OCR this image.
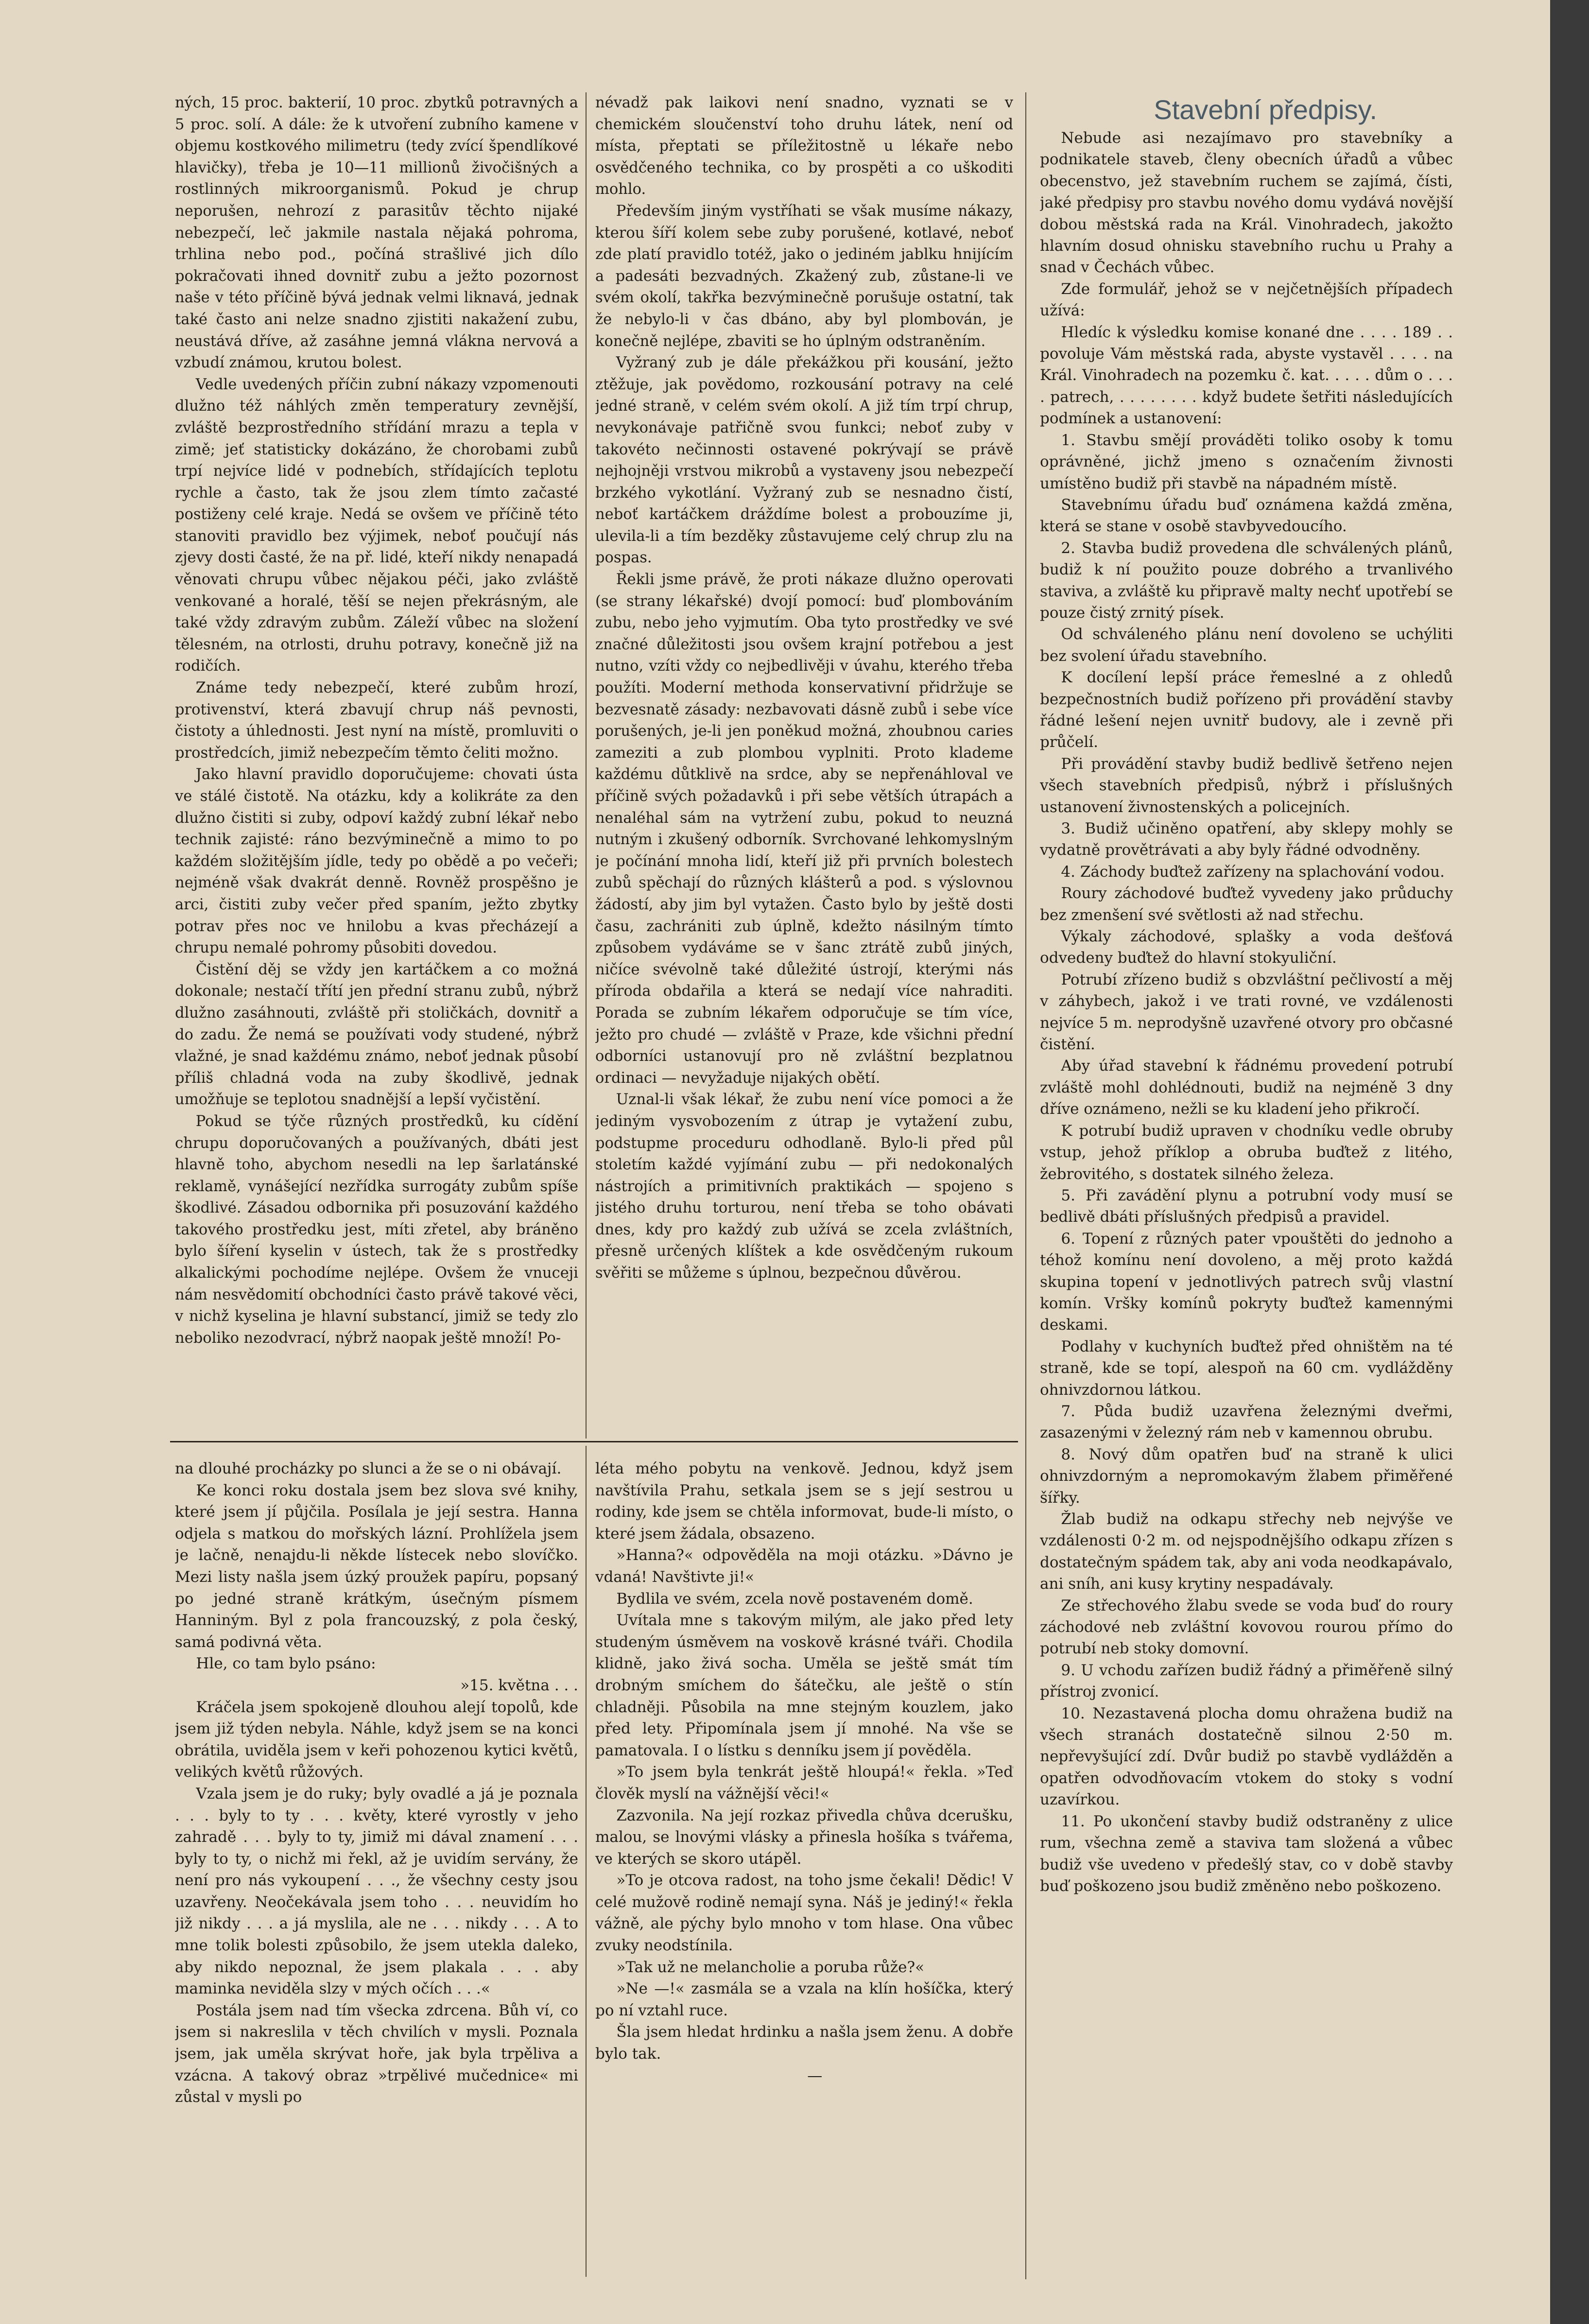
ných, 15 proc. bakterií, 10 proc. zbytků potravných a 5 proc. solí. A dále: že k utvoření zubního kamene v objemu kostkového milimetru (tedy zvící špendlíkové hlavičky), třeba je 10—11 millionů živočišných a rostlinných mikroorganismů. Pokud je chrup neporušen, nehrozí z parasitův těchto nijaké nebezpečí, leč jakmile nastala nějaká pohroma, trhlina nebo pod., počíná strašlivé jich dílo pokračovati ihned dovnitř zubu a ježto pozornost naše v této příčině bývá jednak velmi liknavá, jednak také často ani nelze snadno zjistiti nakažení zubu, neustává dříve, až zasáhne jemná vlákna nervová a vzbudí známou, krutou bolest.

Vedle uvedených příčin zubní nákazy vzpomenouti dlužno též náhlých změn temperatury zevnější, zvláště bezprostředního střídání mrazu a tepla v zimě; jeť statisticky dokázáno, že chorobami zubů trpí nejvíce lidé v podnebích, střídajících teplotu rychle a často, tak že jsou zlem tímto začasté postiženy celé kraje. Nedá se ovšem ve příčině této stanoviti pravidlo bez výjimek, neboť poučují nás zjevy dosti časté, že na př. lidé, kteří nikdy nenapadá věnovati chrupu vůbec nějakou péči, jako zvláště venkované a horalé, těší se nejen překrásným, ale také vždy zdravým zubům. Záleží vůbec na složení tělesném, na otrlosti, druhu potravy, konečně již na rodičích.

Známe tedy nebezpečí, které zubům hrozí, protivenství, která zbavují chrup náš pevnosti, čistoty a úhlednosti. Jest nyní na místě, promluviti o prostředcích, jimiž nebezpečím těmto čeliti možno.

Jako hlavní pravidlo doporučujeme: chovati ústa ve stálé čistotě. Na otázku, kdy a kolikráte za den dlužno čistiti si zuby, odpoví každý zubní lékař nebo technik zajisté: ráno bezvýminečně a mimo to po každém složitějším jídle, tedy po obědě a po večeři; nejméně však dvakrát denně. Rovněž prospěšno je arci, čistiti zuby večer před spaním, ježto zbytky potrav přes noc ve hnilobu a kvas přecházejí a chrupu nemalé pohromy působiti dovedou.

Čistění děj se vždy jen kartáčkem a co možná dokonale; nestačí třítí jen přední stranu zubů, nýbrž dlužno zasáhnouti, zvláště při stoličkách, dovnitř a do zadu. Že nemá se používati vody studené, nýbrž vlažné, je snad každému známo, neboť jednak působí příliš chladná voda na zuby škodlivě, jednak umožňuje se teplotou snadnější a lepší vyčistění.

Pokud se týče různých prostředků, ku cídění chrupu doporučovaných a používaných, dbáti jest hlavně toho, abychom nesedli na lep šarlatánské reklamě, vynášející nezřídka surrogáty zubům spíše škodlivé. Zásadou odbornika při posuzování každého takového prostředku jest, míti zřetel, aby bráněno bylo šíření kyselin v ústech, tak že s prostředky alkalickými pochodíme nejlépe. Ovšem že vnuceji nám nesvědomití obchodníci často právě takové věci, v nichž kyselina je hlavní substancí, jimiž se tedy zlo neboliko nezodvrací, nýbrž naopak ještě množí! Po-

névadž pak laikovi není snadno, vyznati se v chemickém sloučenství toho druhu látek, není od místa, přeptati se příležitostně u lékaře nebo osvědčeného technika, co by prospěti a co uškoditi mohlo.

Především jiným vystříhati se však musíme nákazy, kterou šíří kolem sebe zuby porušené, kotlavé, neboť zde platí pravidlo totéž, jako o jediném jablku hnijícím a padesáti bezvadných. Zkažený zub, zůstane-li ve svém okolí, takřka bezvýminečně porušuje ostatní, tak že nebylo-li v čas dbáno, aby byl plombován, je konečně nejlépe, zbaviti se ho úplným odstraněním.

Vyžraný zub je dále překážkou při kousání, ježto ztěžuje, jak povědomo, rozkousání potravy na celé jedné straně, v celém svém okolí. A již tím trpí chrup, nevykonávaje patřičně svou funkci; neboť zuby v takovéto nečinnosti ostavené pokrývají se právě nejhojněji vrstvou mikrobů a vystaveny jsou nebezpečí brzkého vykotlání. Vyžraný zub se nesnadno čistí, neboť kartáčkem dráždíme bolest a probouzíme ji, ulevila-li a tím bezděky zůstavujeme celý chrup zlu na pospas.

Řekli jsme právě, že proti nákaze dlužno operovati (se strany lékařské) dvojí pomocí: buď plombováním zubu, nebo jeho vyjmutím. Oba tyto prostředky ve své značné důležitosti jsou ovšem krajní potřebou a jest nutno, vzíti vždy co nejbedlivěji v úvahu, kterého třeba použíti. Moderní methoda konservativní přidržuje se bezvesnatě zásady: nezbavovati dásně zubů i sebe více porušených, je-li jen poněkud možná, zhoubnou caries zameziti a zub plombou vyplniti. Proto klademe každému důtklivě na srdce, aby se nepřenáhloval ve příčině svých požadavků i při sebe větších útrapách a nenaléhal sám na vytržení zubu, pokud to neuzná nutným i zkušený odborník. Svrchované lehkomyslným je počínání mnoha lidí, kteří již při prvních bolestech zubů spěchají do různých klášterů a pod. s výslovnou žádostí, aby jim byl vytažen. Často bylo by ještě dosti času, zachrániti zub úplně, kdežto násilným tímto způsobem vydáváme se v šanc ztrátě zubů jiných, ničíce svévolně také důležité ústrojí, kterými nás příroda obdařila a která se nedají více nahraditi. Porada se zubním lékařem odporučuje se tím více, ježto pro chudé — zvláště v Praze, kde všichni přední odborníci ustanovují pro ně zvláštní bezplatnou ordinaci — nevyžaduje nijakých obětí.

Uznal-li však lékař, že zubu není více pomoci a že jediným vysvobozením z útrap je vytažení zubu, podstupme proceduru odhodlaně. Bylo-li před půl stoletím každé vyjímání zubu — při nedokonalých nástrojích a primitivních praktikách — spojeno s jistého druhu torturou, není třeba se toho obávati dnes, kdy pro každý zub užívá se zcela zvláštních, přesně určených klíštek a kde osvědčeným rukoum svěřiti se můžeme s úplnou, bezpečnou důvěrou.

na dlouhé procházky po slunci a že se o ni obávají.

Ke konci roku dostala jsem bez slova své knihy, které jsem jí půjčila. Posílala je její sestra. Hanna odjela s matkou do mořských lázní. Prohlížela jsem je lačně, nenajdu-li někde lístecek nebo slovíčko. Mezi listy našla jsem úzký proužek papíru, popsaný po jedné straně krátkým, úsečným písmem Hanniným. Byl z pola francouzský, z pola český, samá podivná věta.

Hle, co tam bylo psáno:

»15. května . . .

Kráčela jsem spokojeně dlouhou alejí topolů, kde jsem již týden nebyla. Náhle, když jsem se na konci obrátila, uviděla jsem v keři pohozenou kytici květů, velikých květů růžových.

Vzala jsem je do ruky; byly ovadlé a já je poznala . . . byly to ty . . . květy, které vyrostly v jeho zahradě . . . byly to ty, jimiž mi dával znamení . . . byly to ty, o nichž mi řekl, až je uvidím servány, že není pro nás vykoupení . . ., že všechny cesty jsou uzavřeny. Neočekávala jsem toho . . . neuvidím ho již nikdy . . . a já myslila, ale ne . . . nikdy . . . A to mne tolik bolesti způsobilo, že jsem utekla daleko, aby nikdo nepoznal, že jsem plakala . . . aby maminka neviděla slzy v mých očích . . .«

Postála jsem nad tím všecka zdrcena. Bůh ví, co jsem si nakreslila v těch chvilích v mysli. Poznala jsem, jak uměla skrývat hoře, jak byla trpěliva a vzácna. A takový obraz »trpělivé mučednice« mi zůstal v mysli po

léta mého pobytu na venkově. Jednou, když jsem navštívila Prahu, setkala jsem se s její sestrou u rodiny, kde jsem se chtěla informovat, bude-li místo, o které jsem žádala, obsazeno.

»Hanna?« odpověděla na moji otázku. »Dávno je vdaná! Navštivte ji!«

Bydlila ve svém, zcela nově postaveném domě.

Uvítala mne s takovým milým, ale jako před lety studeným úsměvem na voskově krásné tváři. Chodila klidně, jako živá socha. Uměla se ještě smát tím drobným smíchem do šátečku, ale ještě o stín chladněji. Působila na mne stejným kouzlem, jako před lety. Připomínala jsem jí mnohé. Na vše se pamatovala. I o lístku s denníku jsem jí pověděla.

»To jsem byla tenkrát ještě hloupá!« řekla. »Teď člověk myslí na vážnější věci!«

Zazvonila. Na její rozkaz přivedla chůva dcerušku, malou, se lnovými vlásky a přinesla hošíka s tvářema, ve kterých se skoro utápěl.

»To je otcova radost, na toho jsme čekali! Dědic! V celé mužově rodině nemají syna. Náš je jediný!« řekla vážně, ale pýchy bylo mnoho v tom hlase. Ona vůbec zvuky neodstínila.

»Tak už ne melancholie a poruba růže?«

»Ne —!« zasmála se a vzala na klín hošíčka, který po ní vztahl ruce.

Šla jsem hledat hrdinku a našla jsem ženu. A dobře bylo tak.

—

Stavební předpisy.

Nebude asi nezajímavo pro stavebníky a podnikatele staveb, členy obecních úřadů a vůbec obecenstvo, jež stavebním ruchem se zajímá, čísti, jaké předpisy pro stavbu nového domu vydává novější dobou městská rada na Král. Vinohradech, jakožto hlavním dosud ohnisku stavebního ruchu u Prahy a snad v Čechách vůbec.

Zde formulář, jehož se v nejčetnějších případech užívá:

Hledíc k výsledku komise konané dne . . . . 189 . . povoluje Vám městská rada, abyste vystavěl . . . . na Král. Vinohradech na pozemku č. kat. . . . . dům o . . . . patrech, . . . . . . . . když budete šetřiti následujících podmínek a ustanovení:

1. Stavbu smějí prováděti toliko osoby k tomu oprávněné, jichž jmeno s označením živnosti umístěno budiž při stavbě na nápadném místě.

Stavebnímu úřadu buď oznámena každá změna, která se stane v osobě stavbyvedoucího.

2. Stavba budiž provedena dle schválených plánů, budiž k ní použito pouze dobrého a trvanlivého staviva, a zvláště ku připravě malty nechť upotřebí se pouze čistý zrnitý písek.

Od schváleného plánu není dovoleno se uchýliti bez svolení úřadu stavebního.

K docílení lepší práce řemeslné a z ohledů bezpečnostních budiž pořízeno při provádění stavby řádné lešení nejen uvnitř budovy, ale i zevně při průčelí.

Při provádění stavby budiž bedlivě šetřeno nejen všech stavebních předpisů, nýbrž i příslušných ustanovení živnostenských a policejních.

3. Budiž učiněno opatření, aby sklepy mohly se vydatně provětrávati a aby byly řádné odvodněny.

4. Záchody buďtež zařízeny na splachování vodou.

Roury záchodové buďtež vyvedeny jako průduchy bez zmenšení své světlosti až nad střechu.

Výkaly záchodové, splašky a voda dešťová odvedeny buďtež do hlavní stokyuliční.

Potrubí zřízeno budiž s obzvláštní pečlivostí a měj v záhybech, jakož i ve trati rovné, ve vzdálenosti nejvíce 5 m. neprodyšně uzavřené otvory pro občasné čistění.

Aby úřad stavební k řádnému provedení potrubí zvláště mohl dohlédnouti, budiž na nejméně 3 dny dříve oznámeno, nežli se ku kladení jeho přikročí.

K potrubí budiž upraven v chodníku vedle obruby vstup, jehož příklop a obruba buďtež z litého, žebrovitého, s dostatek silného železa.

5. Při zavádění plynu a potrubní vody musí se bedlivě dbáti příslušných předpisů a pravidel.

6. Topení z různých pater vpouštěti do jednoho a téhož komínu není dovoleno, a měj proto každá skupina topení v jednotlivých patrech svůj vlastní komín. Vršky komínů pokryty buďtež kamennými deskami.

Podlahy v kuchyních buďtež před ohništěm na té straně, kde se topí, alespoň na 60 cm. vydlážděny ohnivzdornou látkou.

7. Půda budiž uzavřena železnými dveřmi, zasazenými v železný rám neb v kamennou obrubu.

8. Nový dům opatřen buď na straně k ulici ohnivzdorným a nepromokavým žlabem přiměřené šířky.

Žlab budiž na odkapu střechy neb nejvýše ve vzdálenosti 0·2 m. od nejspodnějšího odkapu zřízen s dostatečným spádem tak, aby ani voda neodkapávalo, ani sníh, ani kusy krytiny nespadávaly.

Ze střechového žlabu svede se voda buď do roury záchodové neb zvláštní kovovou rourou přímo do potrubí neb stoky domovní.

9. U vchodu zařízen budiž řádný a přiměřeně silný přístroj zvonicí.

10. Nezastavená plocha domu ohražena budiž na všech stranách dostatečně silnou 2·50 m. nepřevyšující zdí. Dvůr budiž po stavbě vydlážděn a opatřen odvodňovacím vtokem do stoky s vodní uzavírkou.

11. Po ukončení stavby budiž odstraněny z ulice rum, všechna země a staviva tam složená a vůbec budiž vše uvedeno v předešlý stav, co v době stavby buď poškozeno jsou budiž změněno nebo poškozeno.
